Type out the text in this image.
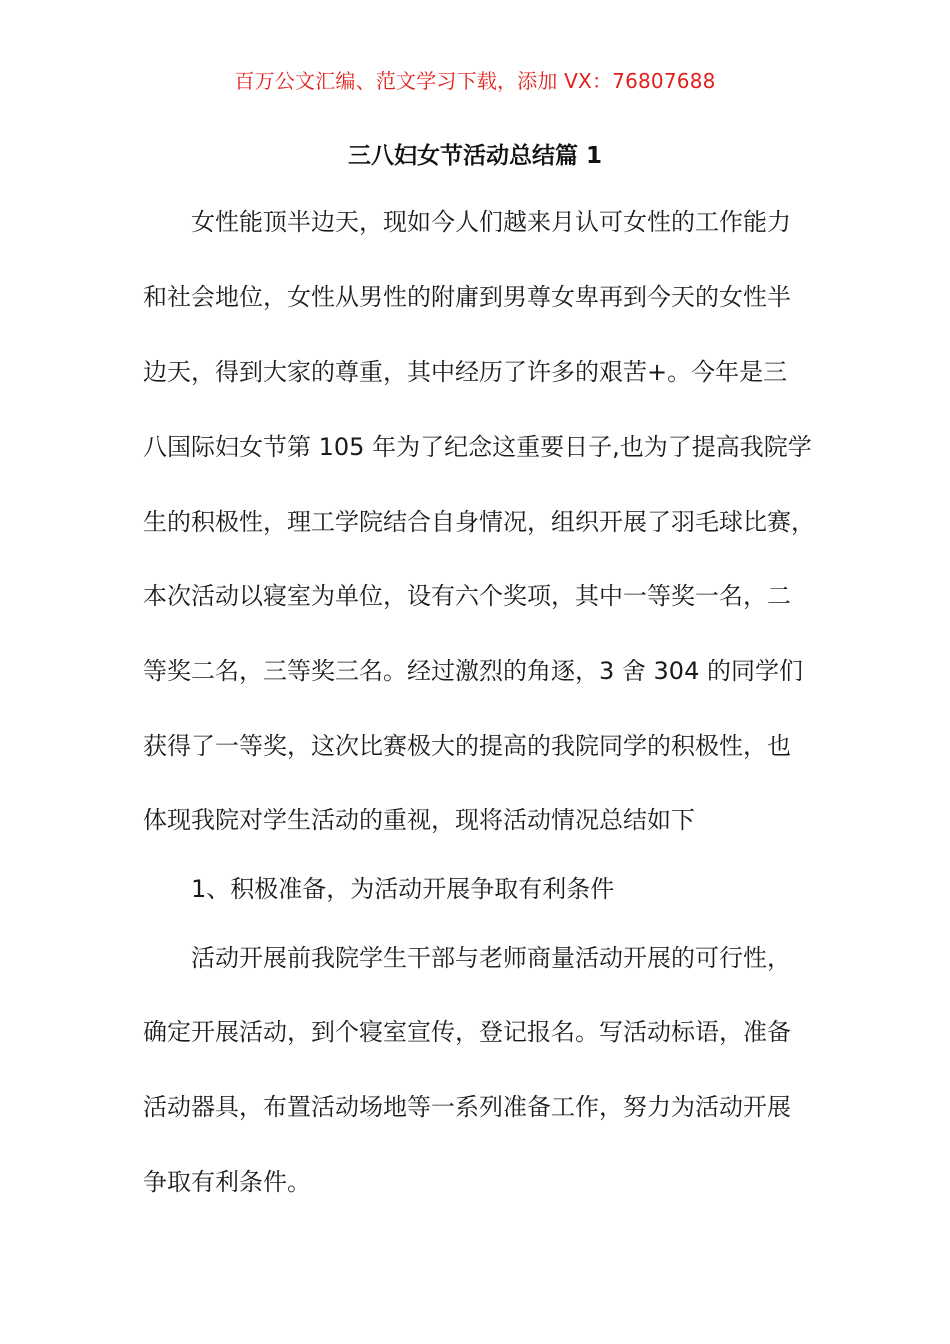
百万公文汇编、范文学习下载，添加 VX：76807688
三八妇女节活动总结篇 1
女性能顶半边天，现如今人们越来月认可女性的工作能力
和社会地位，女性从男性的附庸到男尊女卑再到今天的女性半
边天，得到大家的尊重，其中经历了许多的艰苦+。今年是三
八国际妇女节第 105 年为了纪念这重要日子,也为了提高我院学
生的积极性，理工学院结合自身情况，组织开展了羽毛球比赛，
本次活动以寝室为单位，设有六个奖项，其中一等奖一名，二
等奖二名，三等奖三名。经过激烈的角逐，3 舍 304 的同学们
获得了一等奖，这次比赛极大的提高的我院同学的积极性，也
体现我院对学生活动的重视，现将活动情况总结如下
1、积极准备，为活动开展争取有利条件
活动开展前我院学生干部与老师商量活动开展的可行性，
确定开展活动，到个寝室宣传，登记报名。写活动标语，准备
活动器具，布置活动场地等一系列准备工作，努力为活动开展
争取有利条件。
